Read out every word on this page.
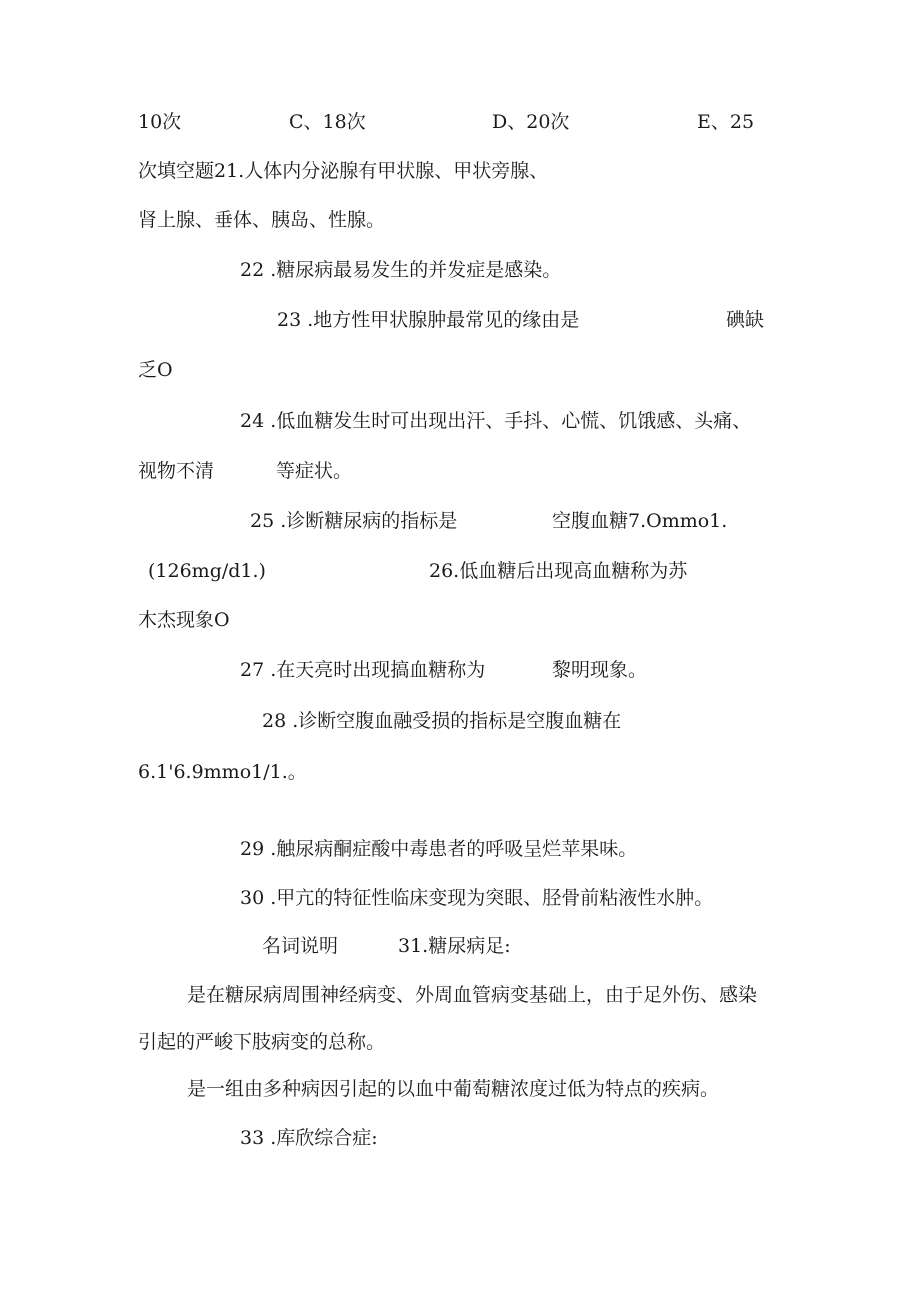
10次	C、18次	D、20次	E、25
次填空题21.人体内分泌腺有甲状腺、甲状旁腺、
肾上腺、垂体、胰岛、性腺。
22 .糖尿病最易发生的并发症是感染。
23 .地方性甲状腺肿最常见的缘由是	碘缺
乏O
24 .低血糖发生时可出现出汗、手抖、心慌、饥饿感、头痛、
视物不清	等症状。
25 .诊断糖尿病的指标是	空腹血糖7.Ommo1.
(126mg/d1.)	26.低血糖后出现高血糖称为苏
木杰现象O
27 .在天亮时出现搞血糖称为	黎明现象。
28 .诊断空腹血融受损的指标是空腹血糖在
6.1'6.9mmo1/1.。
29 .触尿病酮症酸中毒患者的呼吸呈烂苹果味。
30 .甲亢的特征性临床变现为突眼、胫骨前粘液性水肿。
名词说明	31.糖尿病足:
是在糖尿病周围神经病变、外周血管病变基础上，由于足外伤、感染
引起的严峻下肢病变的总称。
是一组由多种病因引起的以血中葡萄糖浓度过低为特点的疾病。
33 .库欣综合症:
